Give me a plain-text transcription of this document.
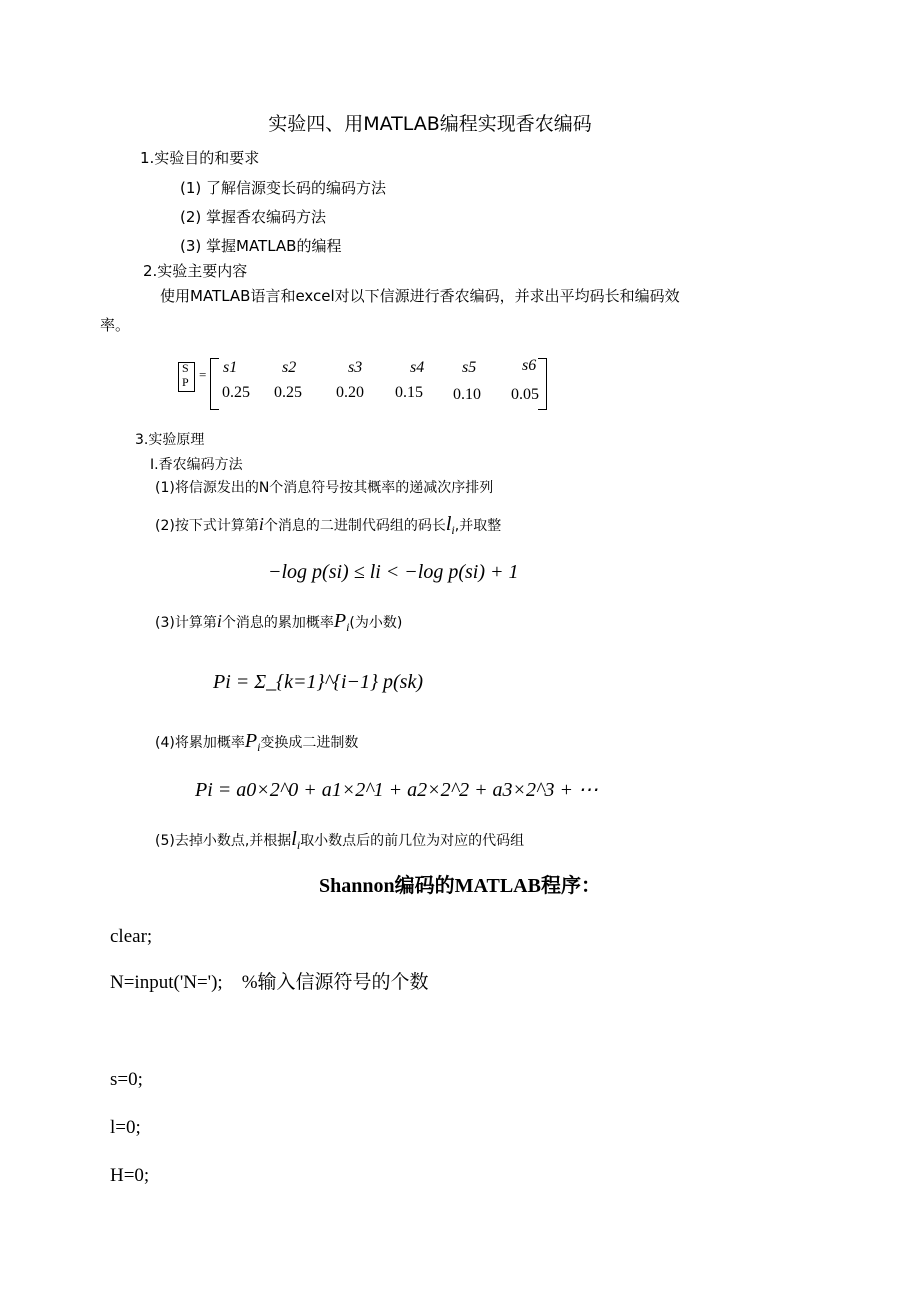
实验四、用MATLAB编程实现香农编码
1.实验目的和要求
(1) 了解信源变长码的编码方法
(2) 掌握香农编码方法
(3) 掌握MATLAB的编程
2.实验主要内容
使用MATLAB语言和excel对以下信源进行香农编码，并求出平均码长和编码效
率。
S
P = s1	s2	s3	s4 s5	s6
0.25 0.25 0.20 0.15 0.10 0.05
3.实验原理
I.香农编码方法
(1)将信源发出的N个消息符号按其概率的递减次序排列
(2)按下式计算第i个消息的二进制代码组的码长li,并取整
−log p(si) ≤ li < −log p(si) + 1
(3)计算第i个消息的累加概率Pi(为小数)
Pi = Σ_{k=1}^{i−1} p(sk)
(4)将累加概率Pi变换成二进制数
Pi = a0×2^0 + a1×2^1 + a2×2^2 + a3×2^3 + ⋯
(5)去掉小数点,并根据li取小数点后的前几位为对应的代码组
Shannon编码的MATLAB程序：
clear;
N=input('N=');    %输入信源符号的个数
s=0;
l=0;
H=0;
